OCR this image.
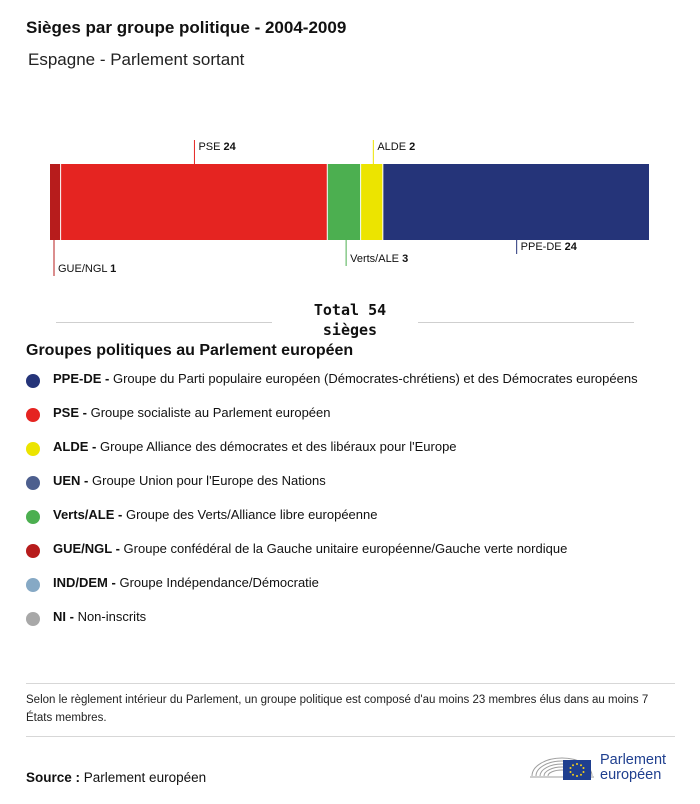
Sièges par groupe politique - 2004-2009
Espagne - Parlement sortant
GUE/NGL 1
PSE 24
Verts/ALE 3
ALDE 2
PPE-DE 24
Total 54
sièges
Groupes politiques au Parlement européen
PPE-DE - Groupe du Parti populaire européen (Démocrates-chrétiens) et des Démocrates européens
PSE - Groupe socialiste au Parlement européen
ALDE - Groupe Alliance des démocrates et des libéraux pour l'Europe
UEN - Groupe Union pour l'Europe des Nations
Verts/ALE - Groupe des Verts/Alliance libre européenne
GUE/NGL - Groupe confédéral de la Gauche unitaire européenne/Gauche verte nordique
IND/DEM - Groupe Indépendance/Démocratie
NI - Non-inscrits
Selon le règlement intérieur du Parlement, un groupe politique est composé d'au moins 23 membres élus dans au moins 7 États membres.
Source : Parlement européen
Parlement
européen
